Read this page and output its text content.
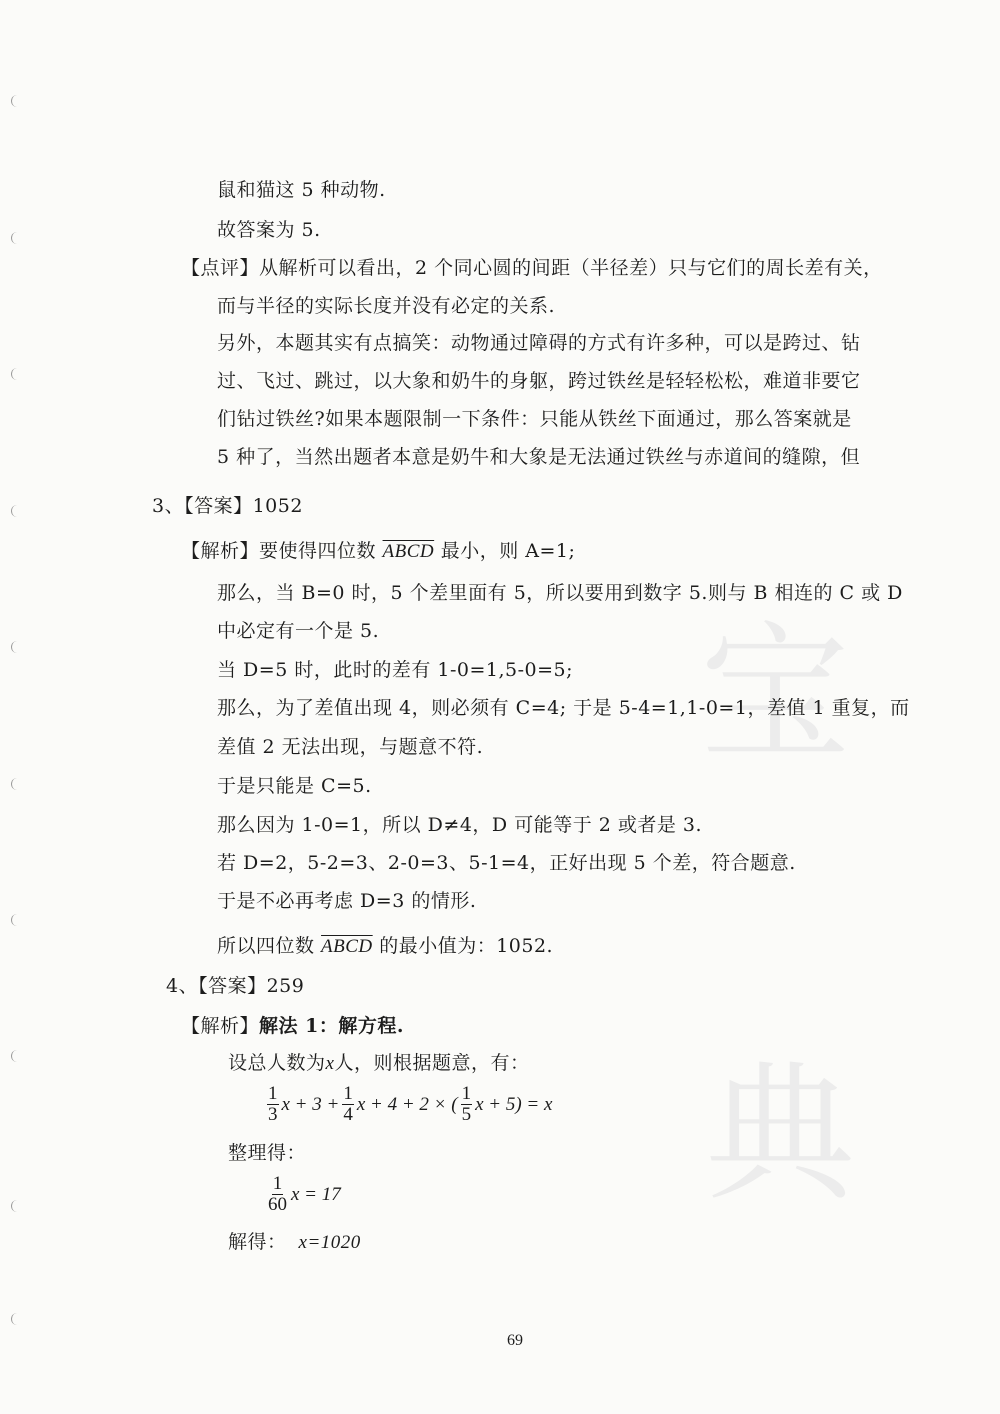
宝
典
鼠和猫这 5 种动物.
故答案为 5.
【点评】从解析可以看出，2 个同心圆的间距（半径差）只与它们的周长差有关，
而与半径的实际长度并没有必定的关系.
另外，本题其实有点搞笑：动物通过障碍的方式有许多种，可以是跨过、钻
过、飞过、跳过，以大象和奶牛的身躯，跨过铁丝是轻轻松松，难道非要它
们钻过铁丝?如果本题限制一下条件：只能从铁丝下面通过，那么答案就是
5 种了，当然出题者本意是奶牛和大象是无法通过铁丝与赤道间的缝隙，但
3、【答案】1052
【解析】要使得四位数 ABCD 最小，则 A=1;
那么，当 B=0 时，5 个差里面有 5，所以要用到数字 5.则与 B 相连的 C 或 D
中必定有一个是 5.
当 D=5 时，此时的差有 1-0=1,5-0=5;
那么，为了差值出现 4，则必须有 C=4; 于是 5-4=1,1-0=1，差值 1 重复，而
差值 2 无法出现，与题意不符.
于是只能是 C=5.
那么因为 1-0=1，所以 D≠4，D 可能等于 2 或者是 3.
若 D=2，5-2=3、2-0=3、5-1=4，正好出现 5 个差，符合题意.
于是不必再考虑 D=3 的情形.
所以四位数 ABCD 的最小值为：1052.
4、【答案】259
【解析】解法 1：解方程.
设总人数为x人，则根据题意，有：
$\frac{1}{3}$ $x + 3 + \frac{1}{4}$ x + 4 + 2 × ( $\frac{1}{5}$ x + 5) = x
整理得：
$\frac{1}{60}$ x = 17
解得： x=1020
69
